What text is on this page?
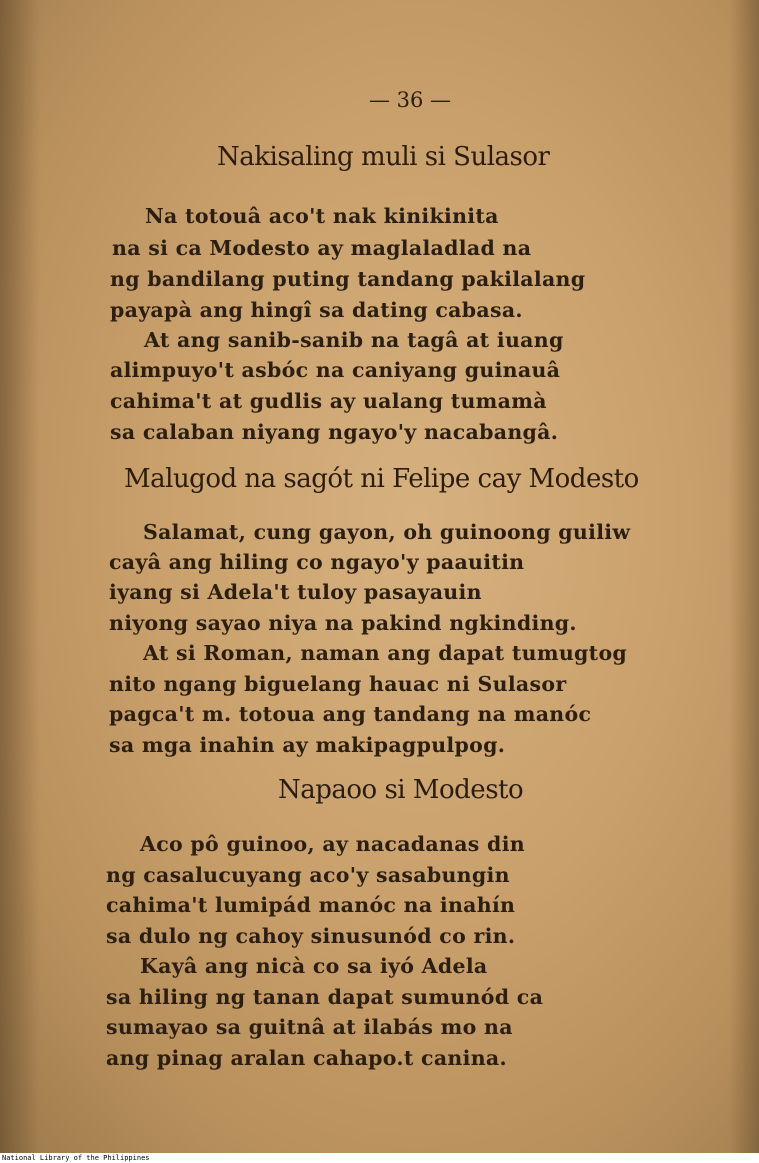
— 36 —
Nakisaling muli si Sulasor
Na totouâ aco't nak kinikinita
na si ca Modesto ay maglaladlad na
ng bandilang puting tandang pakilalang
payapà ang hingî sa dating cabasa.
At ang sanib-sanib na tagâ at iuang
alimpuyo't asbóc na caniyang guinauâ
cahima't at gudlis ay ualang tumamà
sa calaban niyang ngayo'y nacabangâ.
Malugod na sagót ni Felipe cay Modesto
Salamat, cung gayon, oh guinoong guiliw
cayâ ang hiling co ngayo'y paauitin
iyang si Adela't tuloy pasayauin
niyong sayao niya na pakind ngkinding.
At si Roman, naman ang dapat tumugtog
nito ngang biguelang hauac ni Sulasor
pagca't m. totoua ang tandang na manóc
sa mga inahin ay makipagpulpog.
Napaoo si Modesto
Aco pô guinoo, ay nacadanas din
ng casalucuyang aco'y sasabungin
cahima't lumipád manóc na inahín
sa dulo ng cahoy sinusunód co rin.
Kayâ ang nicà co sa iyó Adela
sa hiling ng tanan dapat sumunód ca
sumayao sa guitnâ at ilabás mo na
ang pinag aralan cahapo.t canina.
National Library of the Philippines
